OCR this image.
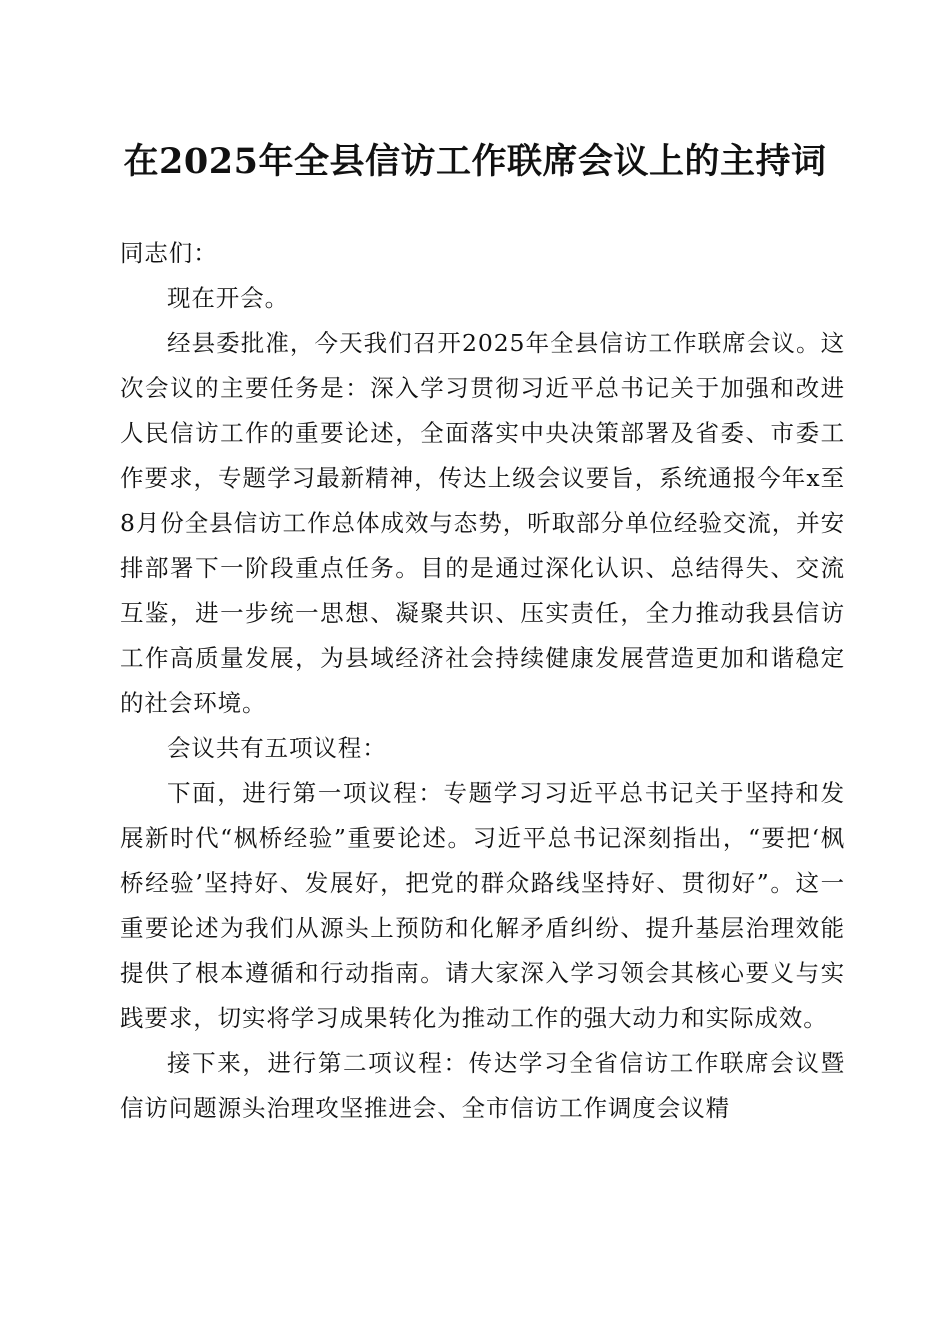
在2025年全县信访工作联席会议上的主持词

同志们：

现在开会。

经县委批准，今天我们召开2025年全县信访工作联席会议。这次会议的主要任务是：深入学习贯彻习近平总书记关于加强和改进人民信访工作的重要论述，全面落实中央决策部署及省委、市委工作要求，专题学习最新精神，传达上级会议要旨，系统通报今年x至8月份全县信访工作总体成效与态势，听取部分单位经验交流，并安排部署下一阶段重点任务。目的是通过深化认识、总结得失、交流互鉴，进一步统一思想、凝聚共识、压实责任，全力推动我县信访工作高质量发展，为县域经济社会持续健康发展营造更加和谐稳定的社会环境。

会议共有五项议程：

下面，进行第一项议程：专题学习习近平总书记关于坚持和发展新时代“枫桥经验”重要论述。习近平总书记深刻指出，“要把‘枫桥经验’坚持好、发展好，把党的群众路线坚持好、贯彻好”。这一重要论述为我们从源头上预防和化解矛盾纠纷、提升基层治理效能提供了根本遵循和行动指南。请大家深入学习领会其核心要义与实践要求，切实将学习成果转化为推动工作的强大动力和实际成效。

接下来，进行第二项议程：传达学习全省信访工作联席会议暨信访问题源头治理攻坚推进会、全市信访工作调度会议精
